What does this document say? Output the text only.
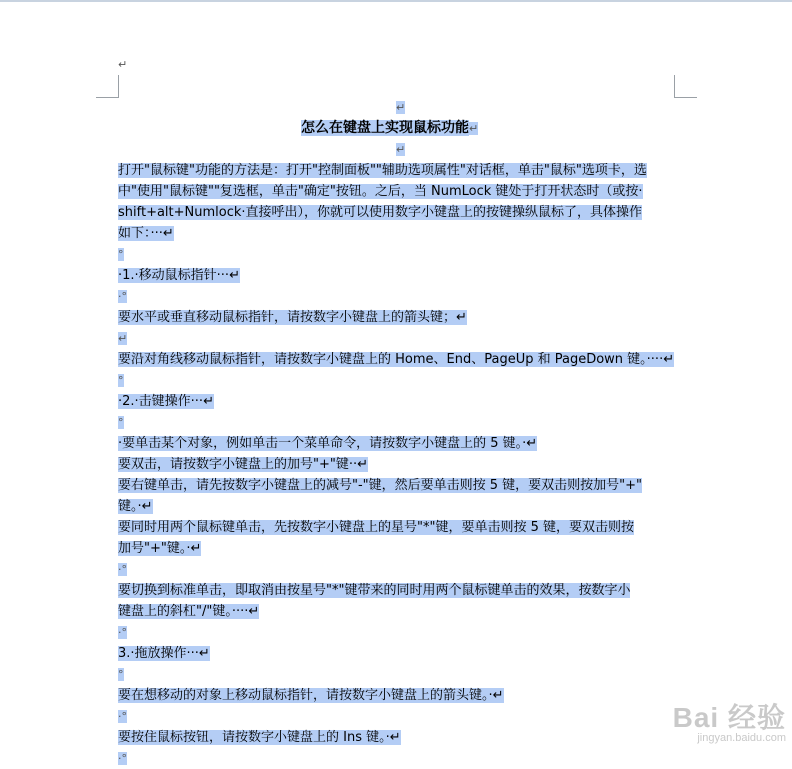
↵
↵
怎么在键盘上实现鼠标功能↵
↵
打开"鼠标键"功能的方法是：打开"控制面板""辅助选项属性"对话框，单击"鼠标"选项卡，选
中"使用"鼠标键""复选框，单击"确定"按钮。之后，当 NumLock 键处于打开状态时（或按·
shift+alt+Numlock·直接呼出），你就可以使用数字小键盘上的按键操纵鼠标了，具体操作
如下：···↵
°
·1.·移动鼠标指针···↵
·°
要水平或垂直移动鼠标指针，请按数字小键盘上的箭头键；↵
↵
要沿对角线移动鼠标指针，请按数字小键盘上的 Home、End、PageUp 和 PageDown 键。····↵
°
·2.·击键操作···↵
°
·要单击某个对象，例如单击一个菜单命令，请按数字小键盘上的 5 键。·↵
要双击，请按数字小键盘上的加号"+"键··↵
要右键单击，请先按数字小键盘上的减号"-"键，然后要单击则按 5 键，要双击则按加号"+"
键。·↵
要同时用两个鼠标键单击，先按数字小键盘上的星号"*"键，要单击则按 5 键，要双击则按
加号"+"键。·↵
·°
要切换到标准单击，即取消由按星号"*"键带来的同时用两个鼠标键单击的效果，按数字小
键盘上的斜杠"/"键。····↵
·°
3.·拖放操作···↵
°
要在想移动的对象上移动鼠标指针，请按数字小键盘上的箭头键。·↵
·°
要按住鼠标按钮，请按数字小键盘上的 Ins 键。·↵
·°
Bai 经验
jingyan.baidu.com
